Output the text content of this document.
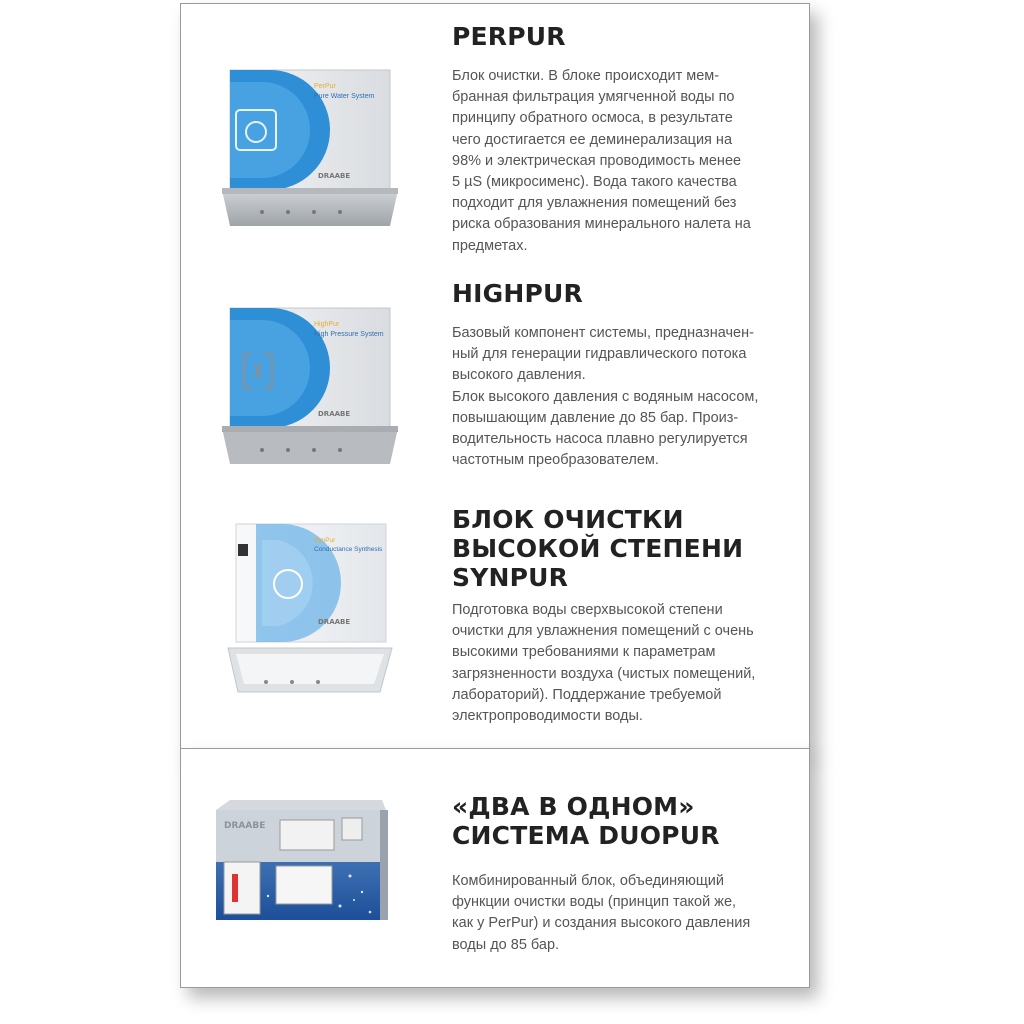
PerPur
Pure Water System
DRAABE
PERPUR

Блок очистки. В блоке происходит мем-
бранная фильтрация умягченной воды по
принципу обратного осмоса, в результате
чего достигается ее деминерализация на
98% и электрическая проводимость менее
5 µS (микросименс). Вода такого качества
подходит для увлажнения помещений без
риска образования минерального налета на
предметах.

HighPur
High Pressure System
DRAABE
HIGHPUR

Базовый компонент системы, предназначен-
ный для генерации гидравлического потока
высокого давления.
Блок высокого давления с водяным насосом,
повышающим давление до 85 бар. Произ-
водительность насоса плавно регулируется
частотным преобразователем.

SynPur
Conductance Synthesis
DRAABE
БЛОК ОЧИСТКИ
ВЫСОКОЙ СТЕПЕНИ
SYNPUR

Подготовка воды сверхвысокой степени
очистки для увлажнения помещений с очень
высокими требованиями к параметрам
загрязненности воздуха (чистых помещений,
лабораторий). Поддержание требуемой
электропроводимости воды.

DRAABE
«ДВА В ОДНОМ»
СИСТЕМА DUOPUR

Комбинированный блок, объединяющий
функции очистки воды (принцип такой же,
как у PerPur) и создания высокого давления
воды до 85 бар.
